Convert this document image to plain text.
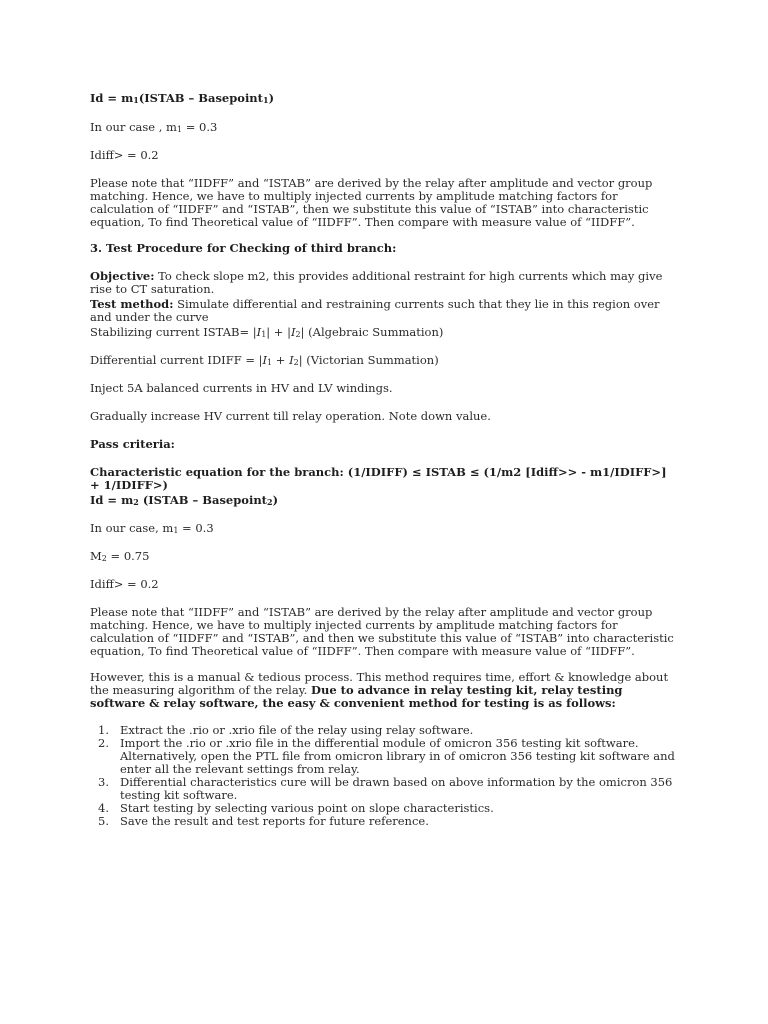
Id = m1(ISTAB – Basepoint1)

In our case , m1 = 0.3

Idiff> = 0.2

Please note that “IIDFF” and “ISTAB” are derived by the relay after amplitude and vector group matching. Hence, we have to multiply injected currents by amplitude matching factors for calculation of “IIDFF” and “ISTAB”, then we substitute this value of “ISTAB” into characteristic equation, To find Theoretical value of “IIDFF”. Then compare with measure value of “IIDFF”.

3. Test Procedure for Checking of third branch:

Objective: To check slope m2, this provides additional restraint for high currents which may give rise to CT saturation.

Test method: Simulate differential and restraining currents such that they lie in this region over and under the curve

Stabilizing current ISTAB= |I1| + |I2| (Algebraic Summation)

Differential current IDIFF = |I1 + I2| (Victorian Summation)

Inject 5A balanced currents in HV and LV windings.

Gradually increase HV current till relay operation. Note down value.

Pass criteria:

Characteristic equation for the branch: (1/IDIFF) ≤ ISTAB ≤ (1/m2 [Idiff>> - m1/IDIFF>] + 1/IDIFF>)

Id = m2 (ISTAB – Basepoint2)

In our case, m1 = 0.3

M2 = 0.75

Idiff> = 0.2

Please note that “IIDFF” and “ISTAB” are derived by the relay after amplitude and vector group matching. Hence, we have to multiply injected currents by amplitude matching factors for calculation of “IIDFF” and “ISTAB”, and then we substitute this value of “ISTAB” into characteristic equation, To find Theoretical value of “IIDFF”. Then compare with measure value of “IIDFF”.

However, this is a manual & tedious process. This method requires time, effort & knowledge about the measuring algorithm of the relay. Due to advance in relay testing kit, relay testing software & relay software, the easy & convenient method for testing is as follows:

1. Extract the .rio or .xrio file of the relay using relay software.
2. Import the .rio or .xrio file in the differential module of omicron 356 testing kit software. Alternatively, open the PTL file from omicron library in of omicron 356 testing kit software and enter all the relevant settings from relay.
3. Differential characteristics cure will be drawn based on above information by the omicron 356 testing kit software.
4. Start testing by selecting various point on slope characteristics.
5. Save the result and test reports for future reference.
